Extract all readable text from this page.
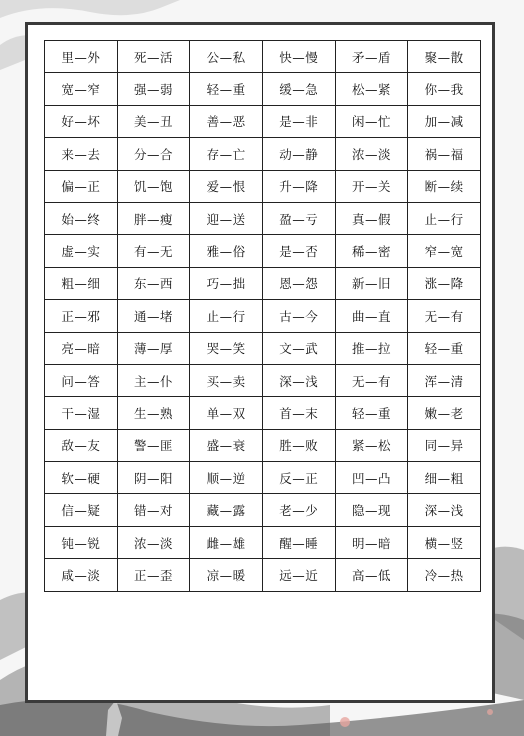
里—外	死—活	公—私	快—慢	矛—盾	聚—散
宽—窄	强—弱	轻—重	缓—急	松—紧	你—我
好—坏	美—丑	善—恶	是—非	闲—忙	加—减
来—去	分—合	存—亡	动—静	浓—淡	祸—福
偏—正	饥—饱	爱—恨	升—降	开—关	断—续
始—终	胖—瘦	迎—送	盈—亏	真—假	止—行
虚—实	有—无	雅—俗	是—否	稀—密	窄—宽
粗—细	东—西	巧—拙	恩—怨	新—旧	涨—降
正—邪	通—堵	止—行	古—今	曲—直	无—有
亮—暗	薄—厚	哭—笑	文—武	推—拉	轻—重
问—答	主—仆	买—卖	深—浅	无—有	浑—清
干—湿	生—熟	单—双	首—末	轻—重	嫩—老
敌—友	警—匪	盛—衰	胜—败	紧—松	同—异
软—硬	阴—阳	顺—逆	反—正	凹—凸	细—粗
信—疑	错—对	藏—露	老—少	隐—现	深—浅
钝—锐	浓—淡	雌—雄	醒—睡	明—暗	横—竖
咸—淡	正—歪	凉—暖	远—近	高—低	冷—热
